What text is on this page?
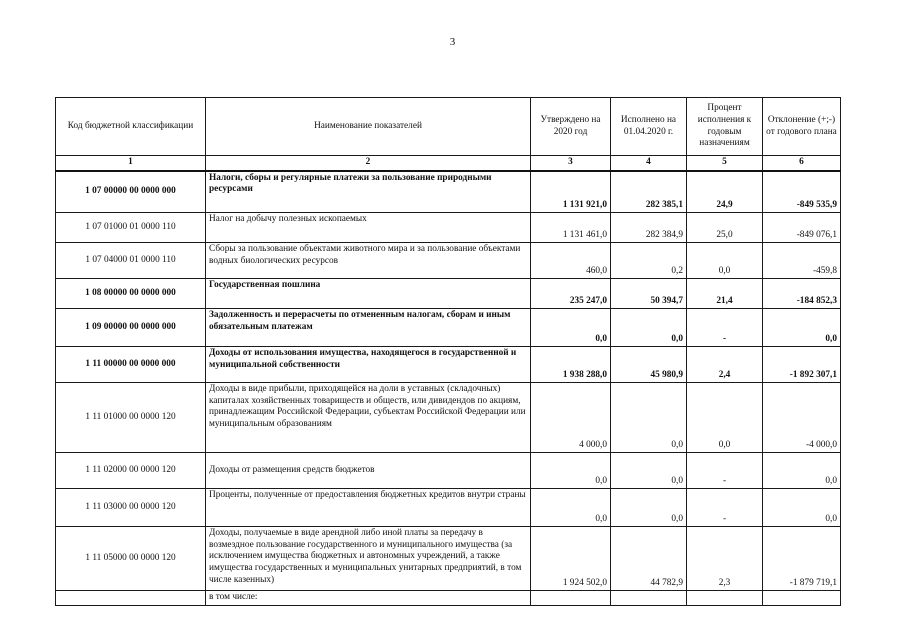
3
Код бюджетной классификации	Наименование показателей	Утверждено на 2020 год	Исполнено на 01.04.2020 г.	Процент исполнения к годовым назначениям	Отклонение (+;-) от годового плана
1	2	3	4	5	6
1 07 00000 00 0000 000	Налоги, сборы и регулярные платежи за пользование природными ресурсами	1 131 921,0	282 385,1	24,9	-849 535,9
1 07 01000 01 0000 110	Налог на добычу полезных ископаемых	1 131 461,0	282 384,9	25,0	-849 076,1
1 07 04000 01 0000 110	Сборы за пользование объектами животного мира и за пользование объектами водных биологических ресурсов	460,0	0,2	0,0	-459,8
1 08 00000 00 0000 000	Государственная пошлина	235 247,0	50 394,7	21,4	-184 852,3
1 09 00000 00 0000 000	Задолженность и перерасчеты по отмененным налогам, сборам и иным обязательным платежам	0,0	0,0	-	0,0
1 11 00000 00 0000 000	Доходы от использования имущества, находящегося в государственной и муниципальной собственности	1 938 288,0	45 980,9	2,4	-1 892 307,1
1 11 01000 00 0000 120	Доходы в виде прибыли, приходящейся на доли в уставных (складочных) капиталах хозяйственных товариществ и обществ, или дивидендов по акциям, принадлежащим Российской Федерации, субъектам Российской Федерации или муниципальным образованиям	4 000,0	0,0	0,0	-4 000,0
1 11 02000 00 0000 120	Доходы от размещения средств бюджетов	0,0	0,0	-	0,0
1 11 03000 00 0000 120	Проценты, полученные от предоставления бюджетных кредитов внутри страны	0,0	0,0	-	0,0
1 11 05000 00 0000 120	Доходы, получаемые в виде арендной либо иной платы за передачу в возмездное пользование государственного и муниципального имущества (за исключением имущества бюджетных и автономных учреждений, а также имущества государственных и муниципальных унитарных предприятий, в том числе казенных)	1 924 502,0	44 782,9	2,3	-1 879 719,1
	в том числе:				
